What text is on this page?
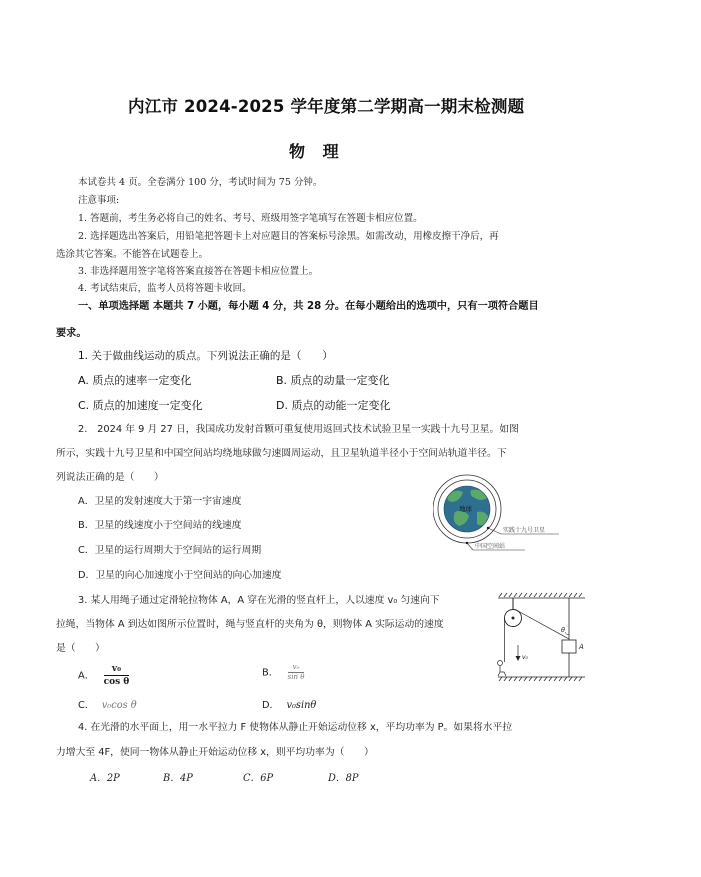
内江市 2024-2025 学年度第二学期高一期末检测题
物 理
本试卷共 4 页。全卷满分 100 分，考试时间为 75 分钟。
注意事项:
1. 答题前，考生务必将自己的姓名、考号、班级用签字笔填写在答题卡相应位置。
2. 选择题选出答案后，用铅笔把答题卡上对应题目的答案标号涂黑。如需改动，用橡皮擦干净后，再
选涂其它答案。不能答在试题卷上。
3. 非选择题用签字笔将答案直接答在答题卡相应位置上。
4. 考试结束后，监考人员将答题卡收回。
一、单项选择题 本题共 7 小题，每小题 4 分，共 28 分。在每小题给出的选项中，只有一项符合题目
要求。
1. 关于做曲线运动的质点。下列说法正确的是（　　）
A. 质点的速率一定变化	B. 质点的动量一定变化
C. 质点的加速度一定变化	D. 质点的动能一定变化
2.　2024 年 9 月 27 日，我国成功发射首颗可重复使用返回式技术试验卫星一实践十九号卫星。如图
所示，实践十九号卫星和中国空间站均绕地球做匀速圆周运动，且卫星轨道半径小于空间站轨道半径。下
列说法正确的是（　　）
A．卫星的发射速度大于第一宇宙速度
B．卫星的线速度小于空间站的线速度
C．卫星的运行周期大于空间站的运行周期
D．卫星的向心加速度小于空间站的向心加速度
地球
实践十九号卫星
中国空间站
3. 某人用绳子通过定滑轮拉物体 A，A 穿在光滑的竖直杆上，人以速度 v₀ 匀速向下
拉绳，当物体 A 到达如图所示位置时，绳与竖直杆的夹角为 θ，则物体 A 实际运动的速度
是（　　）
A． $\frac{\text{v₀}}{\text{cos θ}}$	B． $\frac{\text{v₀}}{\text{sin θ}}$
C． v₀cos θ	D． v₀sinθ
θ
A
v₀
4. 在光滑的水平面上，用一水平拉力 F 使物体从静止开始运动位移 x，平均功率为 P。如果将水平拉
力增大至 4F，使同一物体从静止开始运动位移 x，则平均功率为（　　）
A．2P	B．4P	C．6P	D．8P
